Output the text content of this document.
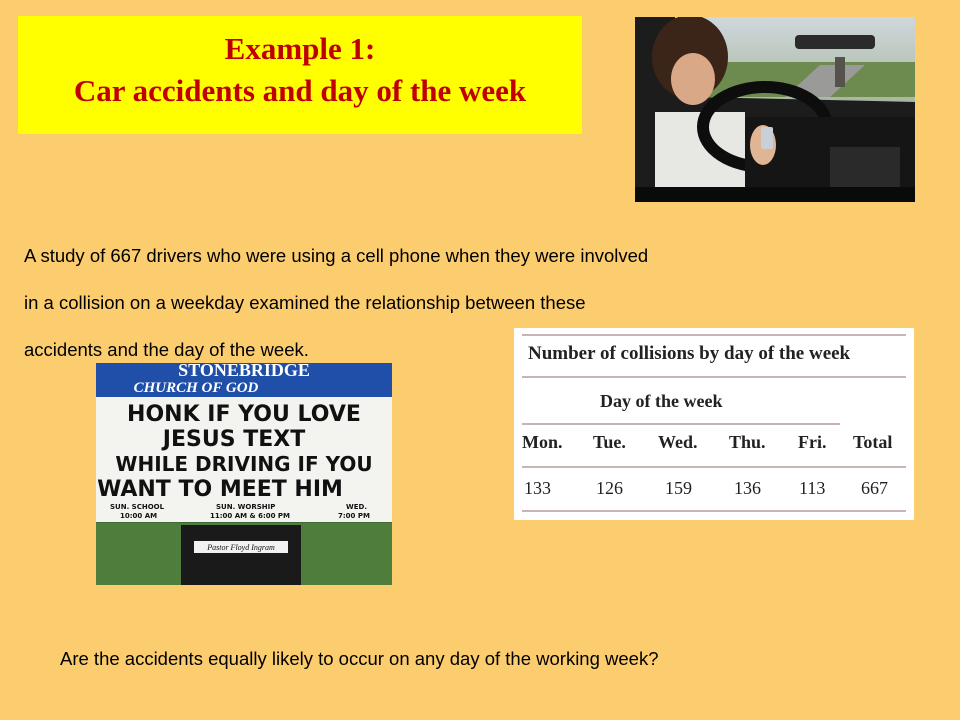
Example 1:
Car accidents and day of the week
A study of 667 drivers who were using a cell phone when they were involved
in a collision on a weekday examined the relationship between these
accidents and the day of the week.
STONEBRIDGE
CHURCH OF GOD
HONK IF YOU LOVE
JESUS TEXT
WHILE DRIVING IF YOU
WANT TO MEET HIM
SUN. SCHOOL
10:00 AM
SUN. WORSHIP
11:00 AM & 6:00 PM
WED.
7:00 PM
Pastor Floyd Ingram
Number of collisions by day of the week
Day of the week
Mon. Tue. Wed. Thu. Fri. Total
133	126 159 136 113 667
Are the accidents equally likely to occur on any day of the working week?
